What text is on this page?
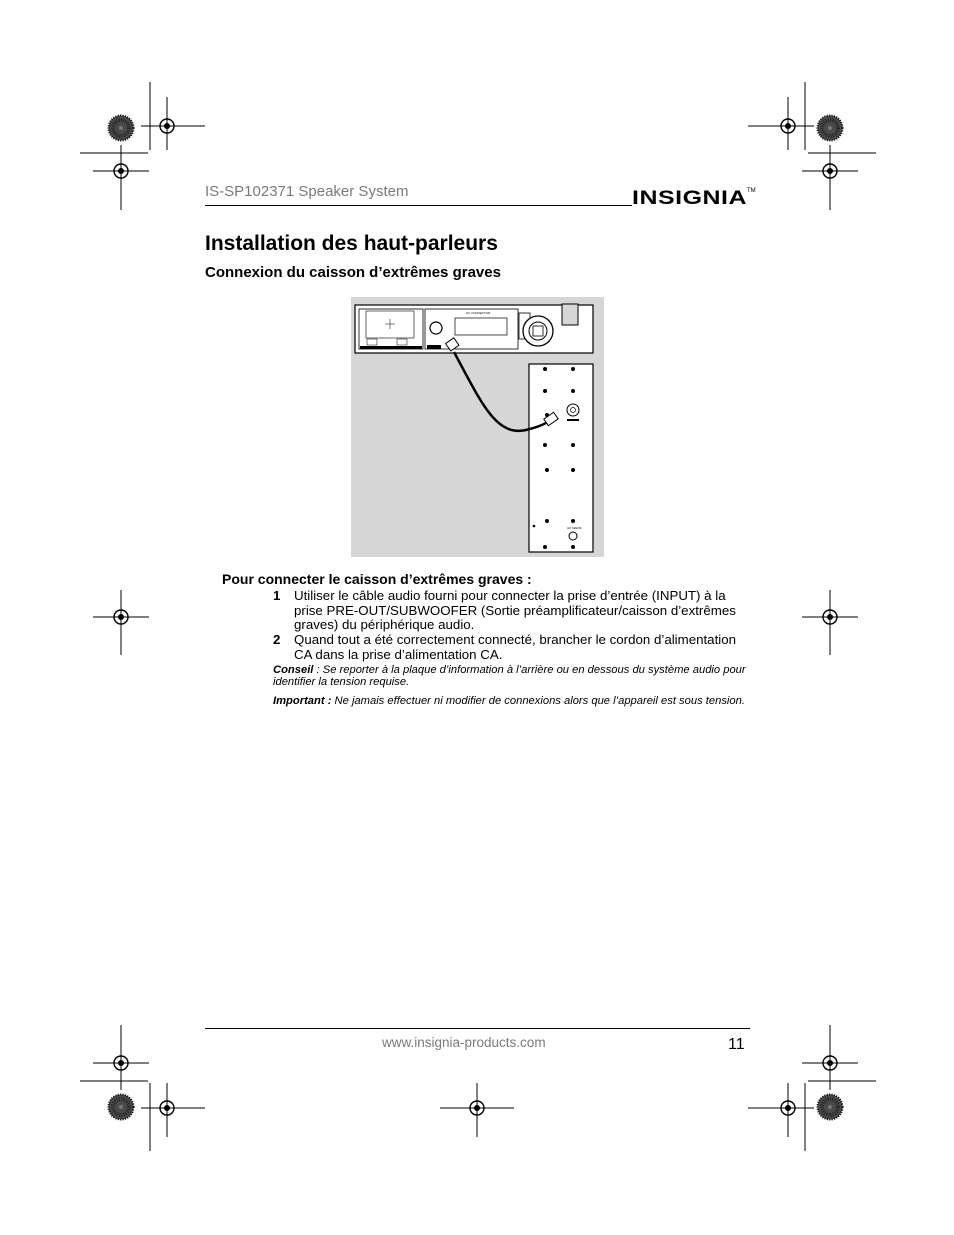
IS-SP102371 Speaker System	INSIGNIA TM
Installation des haut-parleurs
Connexion du caisson d’extrêmes graves
AC CONNECTOR
AC MAINS
Pour connecter le caisson d’extrêmes graves :
1 Utiliser le câble audio fourni pour connecter la prise d’entrée (INPUT) à la prise PRE-OUT/SUBWOOFER (Sortie préamplificateur/caisson d’extrêmes graves) du périphérique audio.
2 Quand tout a été correctement connecté, brancher le cordon d’alimentation CA dans la prise d’alimentation CA.
Conseil : Se reporter à la plaque d’information à l’arrière ou en dessous du système audio pour identifier la tension requise.
Important : Ne jamais effectuer ni modifier de connexions alors que l’appareil est sous tension.
www.insignia-products.com	11
